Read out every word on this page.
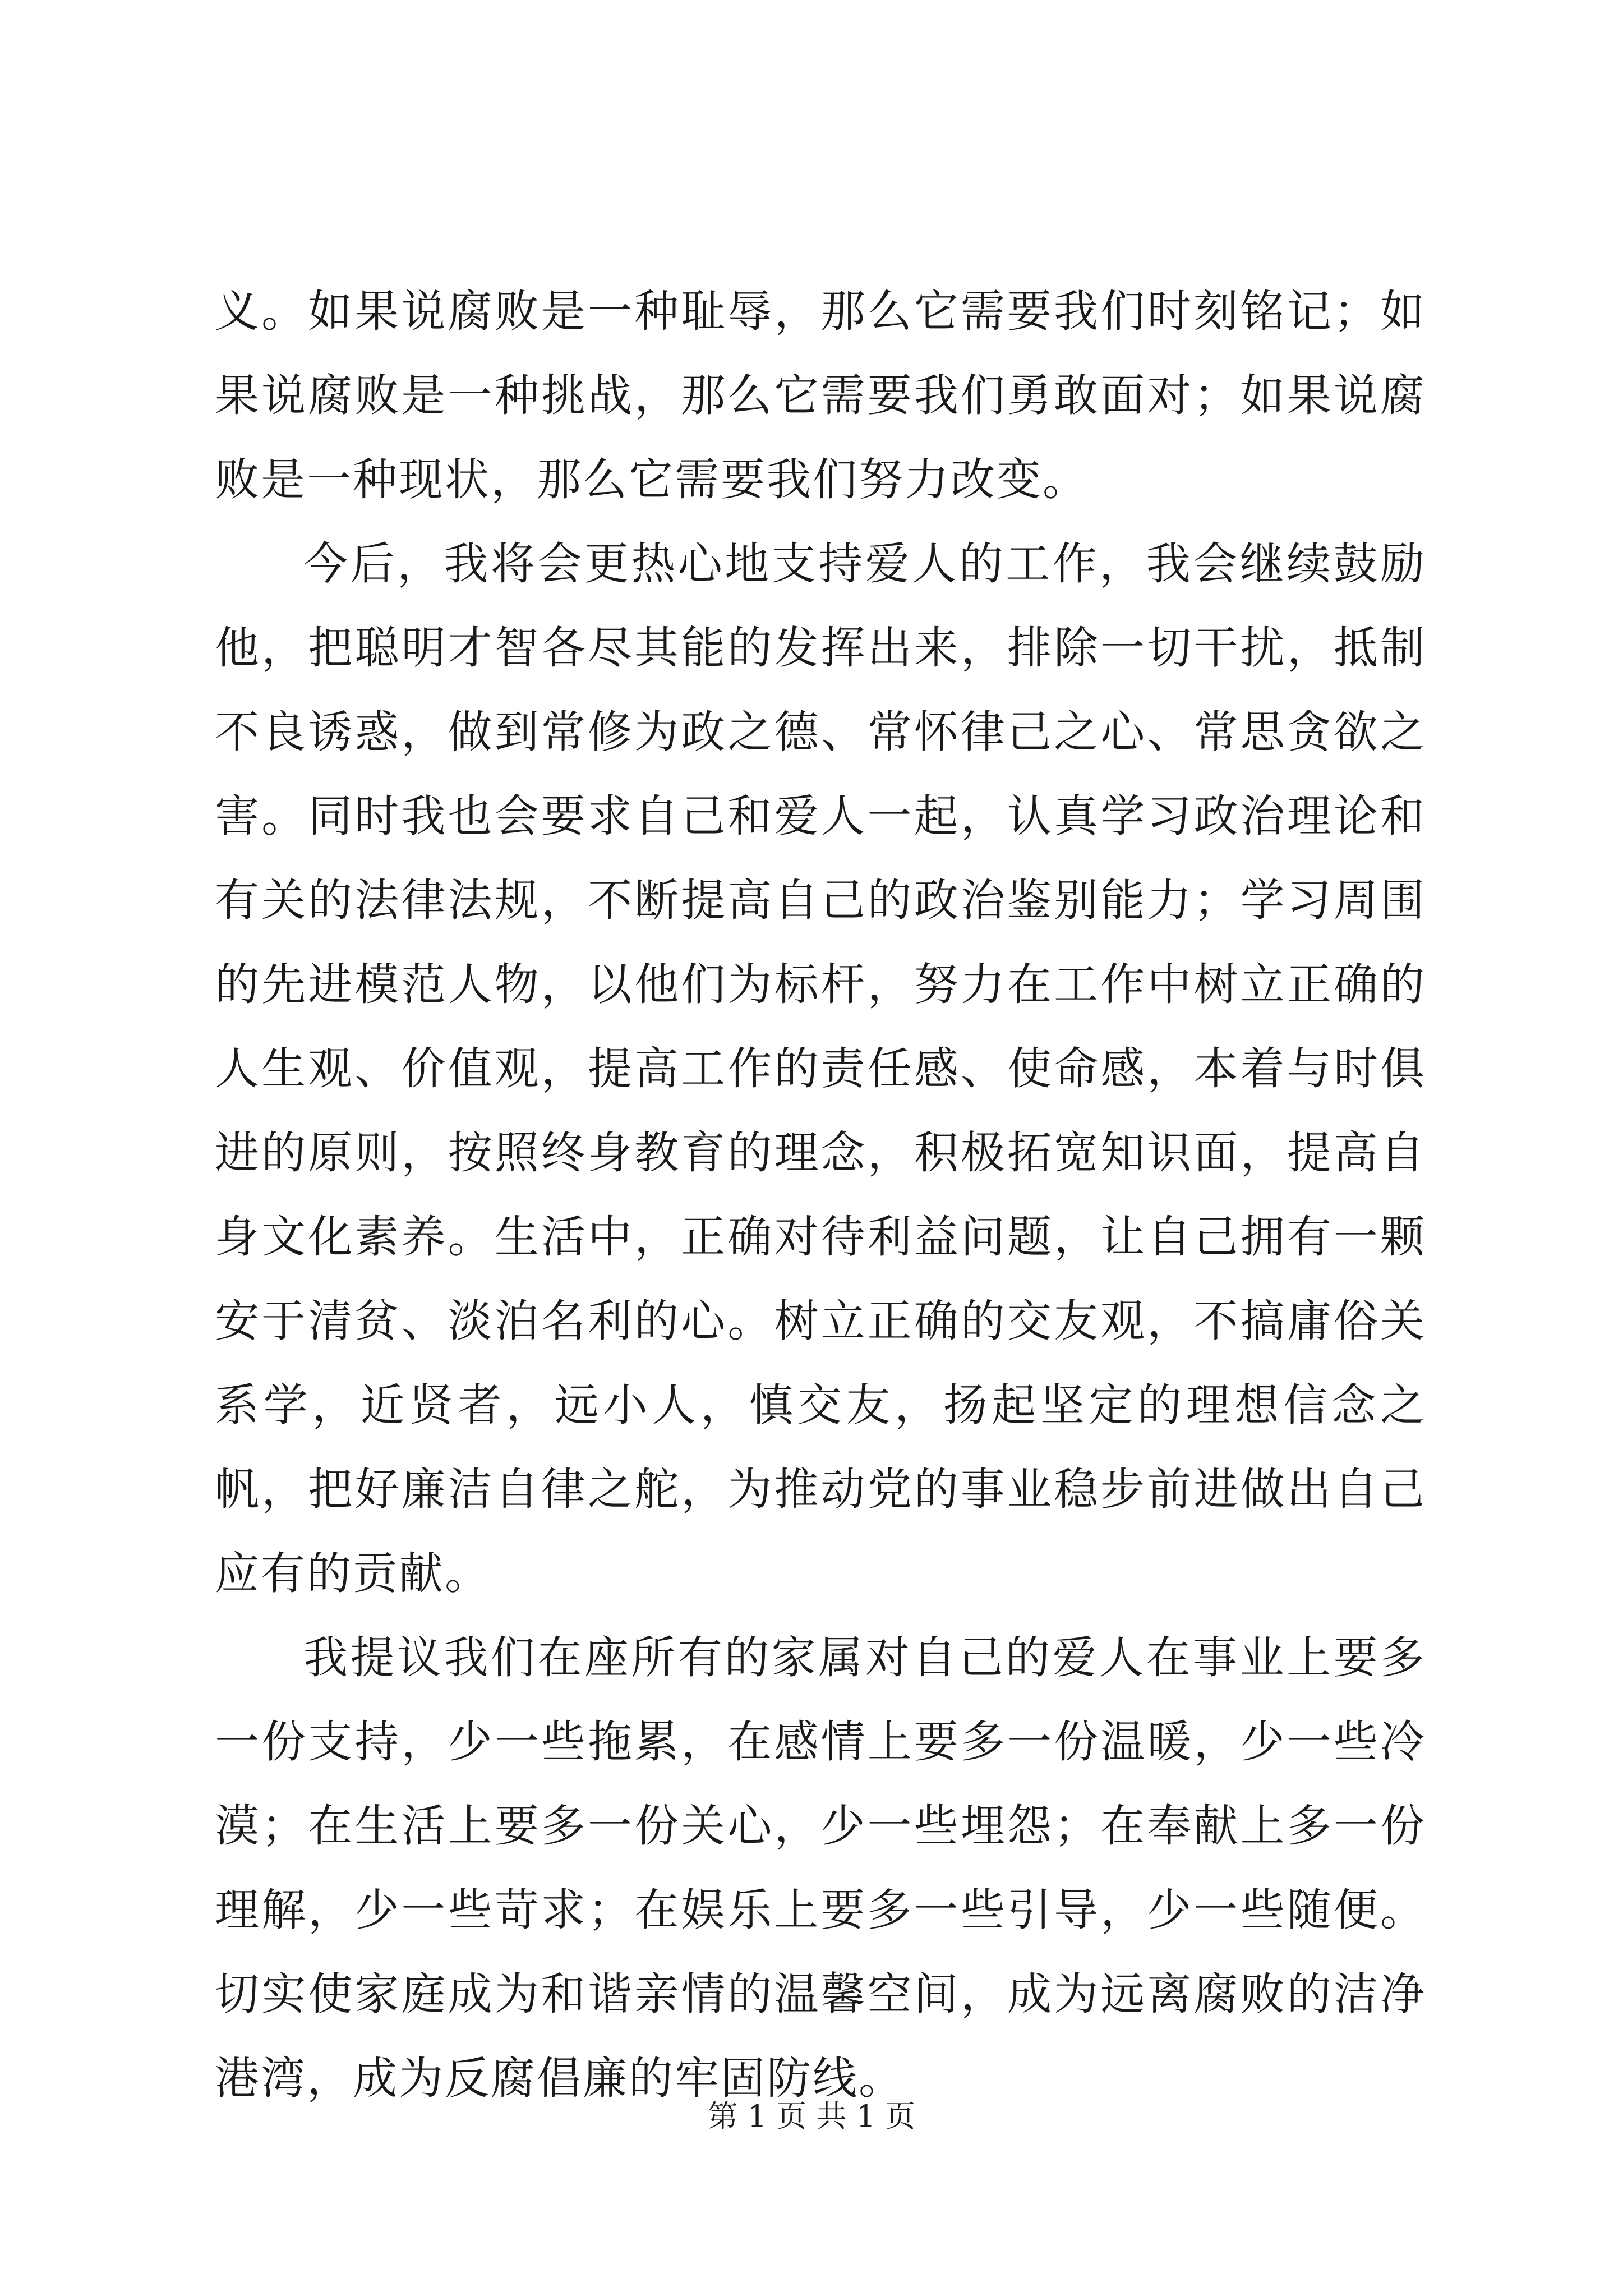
义。如果说腐败是一种耻辱，那么它需要我们时刻铭记；如果说腐败是一种挑战，那么它需要我们勇敢面对；如果说腐败是一种现状，那么它需要我们努力改变。

今后，我将会更热心地支持爱人的工作，我会继续鼓励他，把聪明才智各尽其能的发挥出来，排除一切干扰，抵制不良诱惑，做到常修为政之德、常怀律己之心、常思贪欲之害。同时我也会要求自己和爱人一起，认真学习政治理论和有关的法律法规，不断提高自己的政治鉴别能力；学习周围的先进模范人物，以他们为标杆，努力在工作中树立正确的人生观、价值观，提高工作的责任感、使命感，本着与时俱进的原则，按照终身教育的理念，积极拓宽知识面，提高自身文化素养。生活中，正确对待利益问题，让自己拥有一颗安于清贫、淡泊名利的心。树立正确的交友观，不搞庸俗关系学，近贤者，远小人，慎交友，扬起坚定的理想信念之帆，把好廉洁自律之舵，为推动党的事业稳步前进做出自己应有的贡献。

我提议我们在座所有的家属对自己的爱人在事业上要多一份支持，少一些拖累，在感情上要多一份温暖，少一些冷漠；在生活上要多一份关心，少一些埋怨；在奉献上多一份理解，少一些苛求；在娱乐上要多一些引导，少一些随便。切实使家庭成为和谐亲情的温馨空间，成为远离腐败的洁净港湾，成为反腐倡廉的牢固防线。

第 1 页 共 1 页
